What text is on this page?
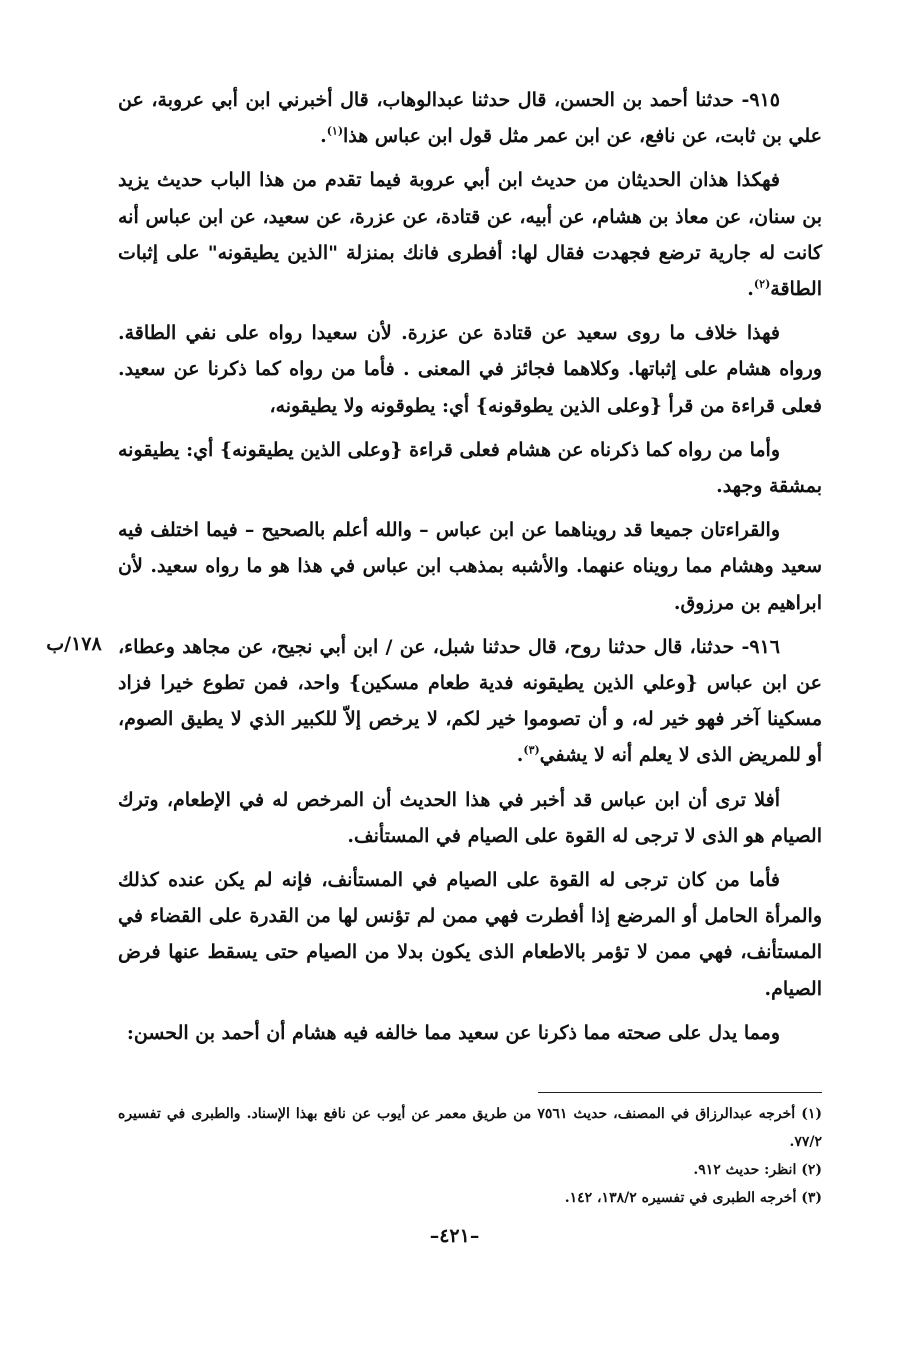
١٧٨/ب

٩١٥- حدثنا أحمد بن الحسن، قال حدثنا عبدالوهاب، قال أخبرني ابن أبي عروبة، عن علي بن ثابت، عن نافع، عن ابن عمر مثل قول ابن عباس هذا$^{(١)}$.

فهكذا هذان الحديثان من حديث ابن أبي عروبة فيما تقدم من هذا الباب حديث يزيد بن سنان، عن معاذ بن هشام، عن أبيه، عن قتادة، عن عزرة، عن سعيد، عن ابن عباس أنه كانت له جارية ترضع فجهدت فقال لها: أفطرى فانك بمنزلة "الذين يطيقونه" على إثبات الطاقة$^{(٢)}$.

فهذا خلاف ما روى سعيد عن قتادة عن عزرة. لأن سعيدا رواه على نفي الطاقة. ورواه هشام على إثباتها. وكلاهما فجائز في المعنى . فأما من رواه كما ذكرنا عن سعيد. فعلى قراءة من قرأ {وعلى الذين يطوقونه} أي: يطوقونه ولا يطيقونه،

وأما من رواه كما ذكرناه عن هشام فعلى قراءة {وعلى الذين يطيقونه} أي: يطيقونه بمشقة وجهد.

والقراءتان جميعا قد رويناهما عن ابن عباس – والله أعلم بالصحيح – فيما اختلف فيه سعيد وهشام مما رويناه عنهما. والأشبه بمذهب ابن عباس في هذا هو ما رواه سعيد. لأن ابراهيم بن مرزوق.

٩١٦- حدثنا، قال حدثنا روح، قال حدثنا شبل، عن / ابن أبي نجيح، عن مجاهد وعطاء، عن ابن عباس {وعلي الذين يطيقونه فدية طعام مسكين} واحد، فمن تطوع خيرا فزاد مسكينا آخر فهو خير له، و أن تصوموا خير لكم، لا يرخص إلاّ للكبير الذي لا يطيق الصوم، أو للمريض الذى لا يعلم أنه لا يشفي$^{(٣)}$.

أفلا ترى أن ابن عباس قد أخبر في هذا الحديث أن المرخص له في الإطعام، وترك الصيام هو الذى لا ترجى له القوة على الصيام في المستأنف.

فأما من كان ترجى له القوة على الصيام في المستأنف، فإنه لم يكن عنده كذلك والمرأة الحامل أو المرضع إذا أفطرت فهي ممن لم تؤنس لها من القدرة على القضاء في المستأنف، فهي ممن لا تؤمر بالاطعام الذى يكون بدلا من الصيام حتى يسقط عنها فرض الصيام.

ومما يدل على صحته مما ذكرنا عن سعيد مما خالفه فيه هشام أن أحمد بن الحسن:

(١) أخرجه عبدالرزاق في المصنف، حديث ٧٥٦١ من طريق معمر عن أيوب عن نافع بهذا الإسناد. والطبرى في تفسيره ٧٧/٢.

(٢) انظر: حديث ٩١٢.

(٣) أخرجه الطبرى في تفسيره ١٣٨/٢، ١٤٢.

–٤٢١–
